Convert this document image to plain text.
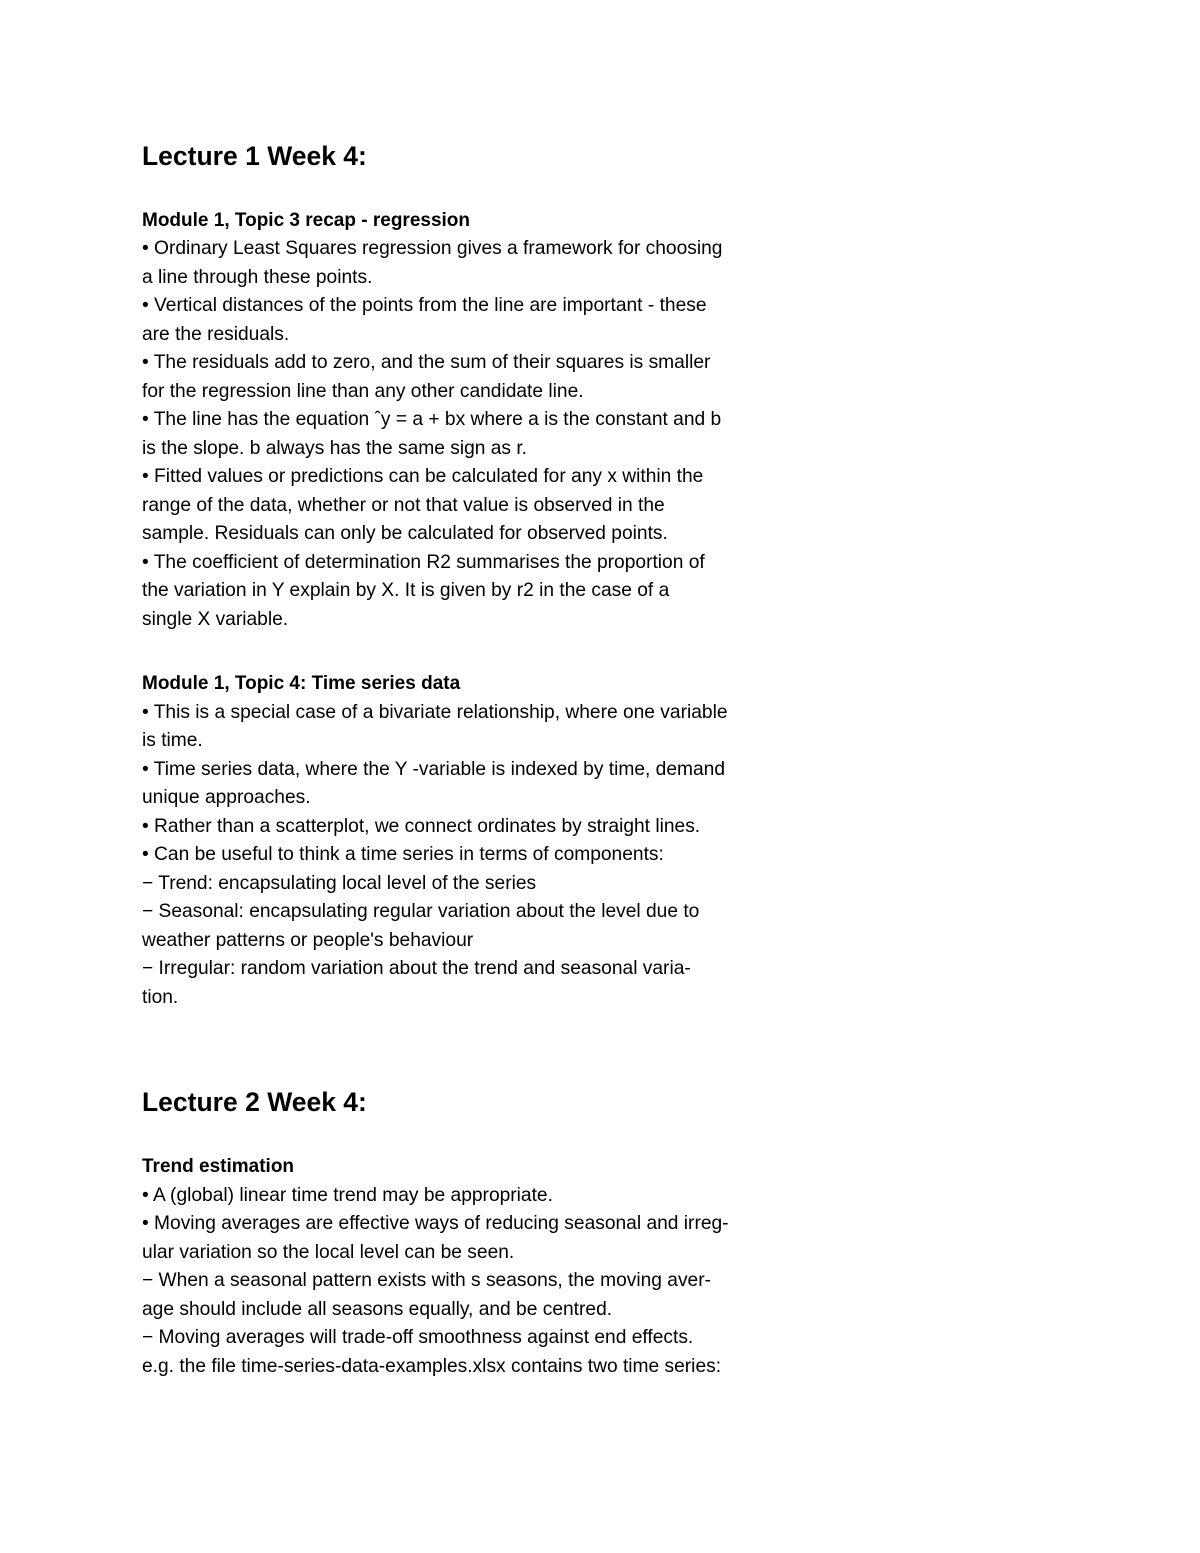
Lecture 1 Week 4:
Module 1, Topic 3 recap - regression

• Ordinary Least Squares regression gives a framework for choosing

a line through these points.

• Vertical distances of the points from the line are important - these

are the residuals.

• The residuals add to zero, and the sum of their squares is smaller

for the regression line than any other candidate line.

• The line has the equation ˆy = a + bx where a is the constant and b

is the slope. b always has the same sign as r.

• Fitted values or predictions can be calculated for any x within the

range of the data, whether or not that value is observed in the

sample. Residuals can only be calculated for observed points.

• The coefficient of determination R2 summarises the proportion of

the variation in Y explain by X. It is given by r2 in the case of a

single X variable.

Module 1, Topic 4: Time series data

• This is a special case of a bivariate relationship, where one variable

is time.

• Time series data, where the Y -variable is indexed by time, demand

unique approaches.

• Rather than a scatterplot, we connect ordinates by straight lines.

• Can be useful to think a time series in terms of components:

− Trend: encapsulating local level of the series

− Seasonal: encapsulating regular variation about the level due to

weather patterns or people's behaviour

− Irregular: random variation about the trend and seasonal varia-

tion.

Lecture 2 Week 4:
Trend estimation

• A (global) linear time trend may be appropriate.

• Moving averages are effective ways of reducing seasonal and irreg-

ular variation so the local level can be seen.

− When a seasonal pattern exists with s seasons, the moving aver-

age should include all seasons equally, and be centred.

− Moving averages will trade-off smoothness against end effects.

e.g. the file time-series-data-examples.xlsx contains two time series:
